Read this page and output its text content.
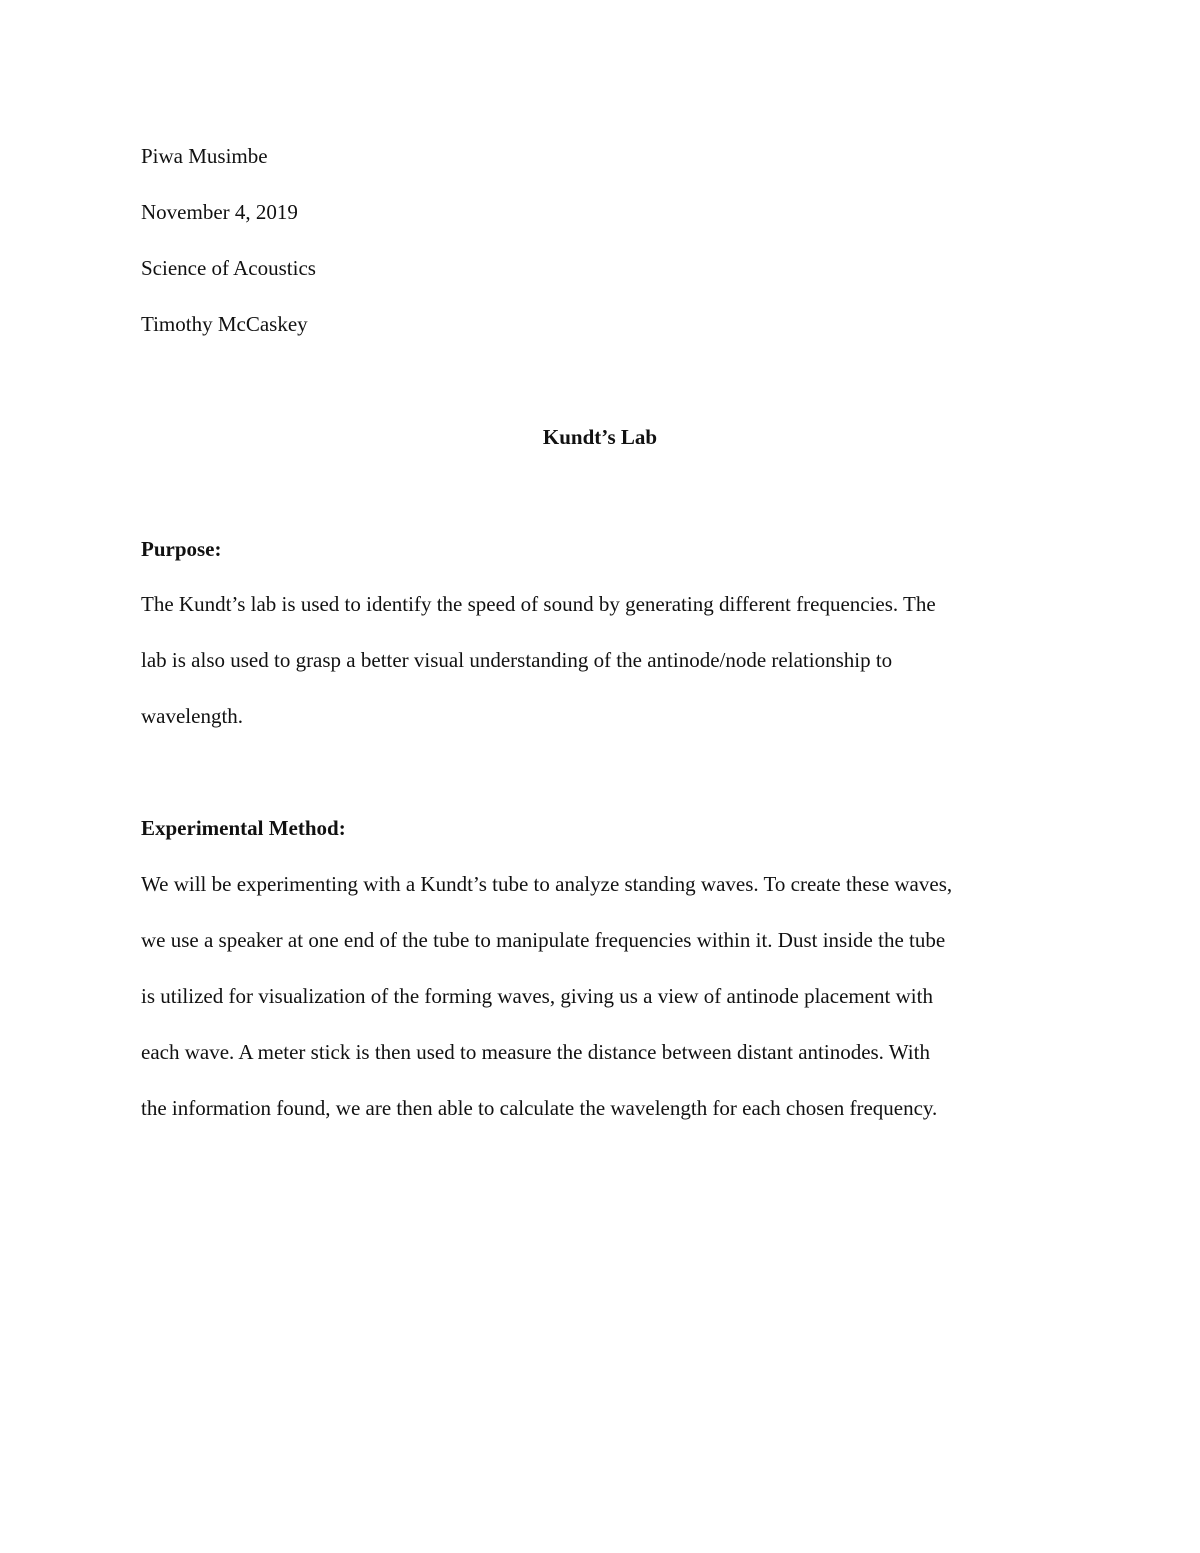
Piwa Musimbe
November 4, 2019
Science of Acoustics
Timothy McCaskey
Kundt’s Lab
Purpose:
The Kundt’s lab is used to identify the speed of sound by generating different frequencies. The
lab is also used to grasp a better visual understanding of the antinode/node relationship to
wavelength.
Experimental Method:
We will be experimenting with a Kundt’s tube to analyze standing waves. To create these waves,
we use a speaker at one end of the tube to manipulate frequencies within it. Dust inside the tube
is utilized for visualization of the forming waves, giving us a view of antinode placement with
each wave. A meter stick is then used to measure the distance between distant antinodes. With
the information found, we are then able to calculate the wavelength for each chosen frequency.
